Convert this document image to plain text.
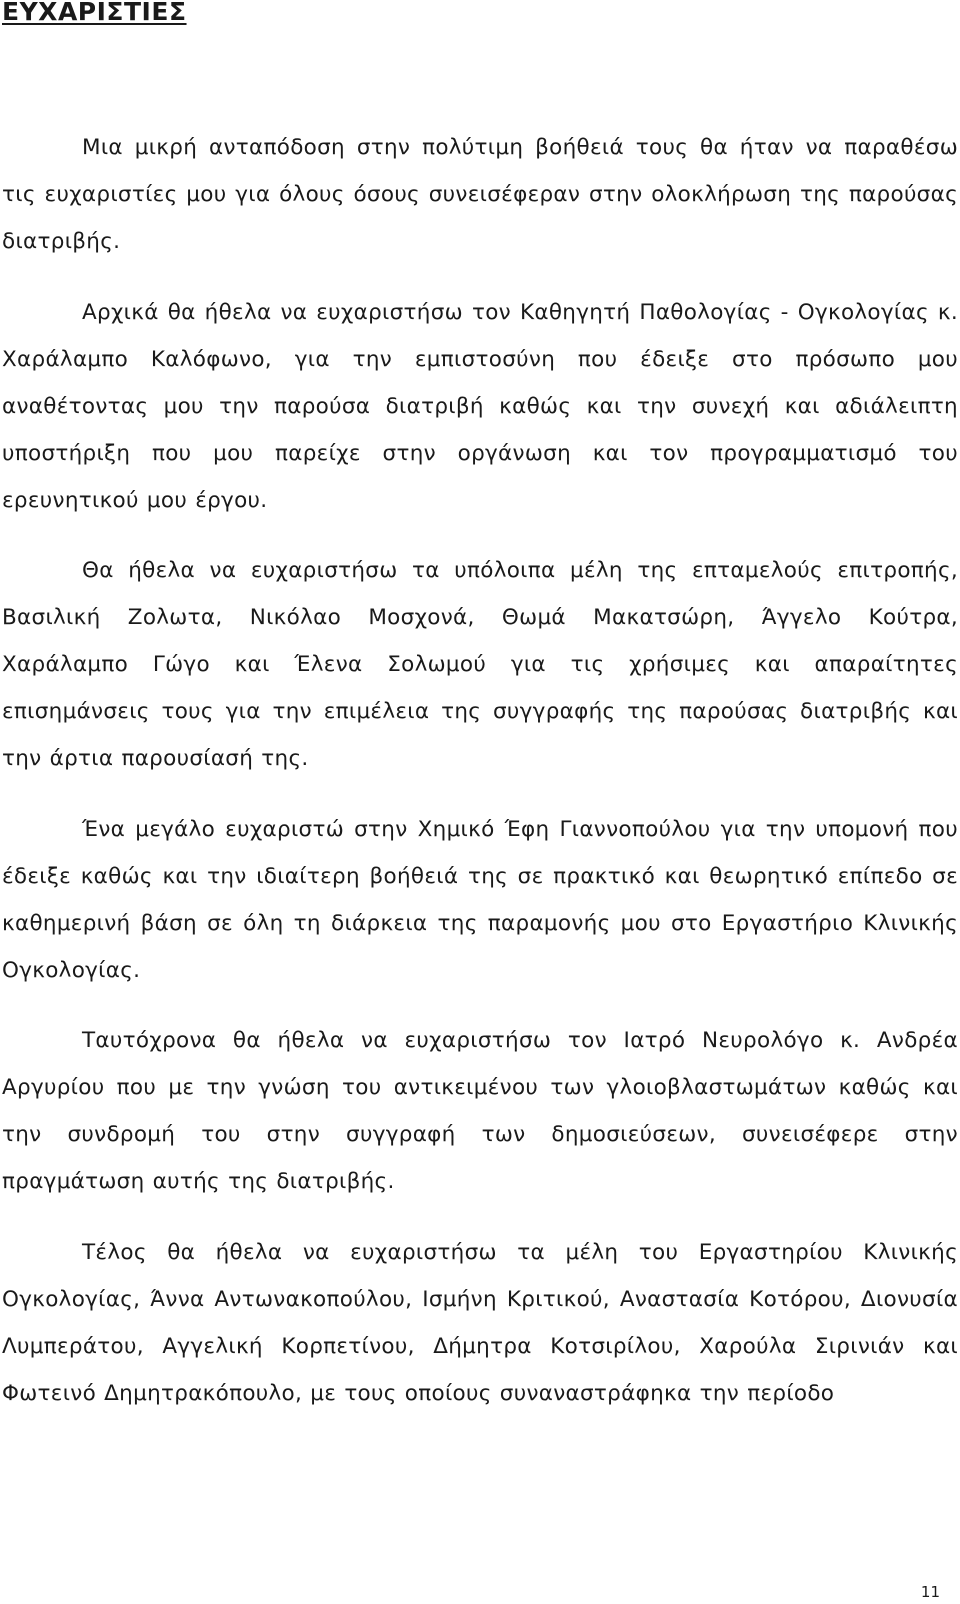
ΕΥΧΑΡΙΣΤΙΕΣ

Μια μικρή ανταπόδοση στην πολύτιμη βοήθειά τους θα ήταν να παραθέσω τις ευχαριστίες μου για όλους όσους συνεισέφεραν στην ολοκλήρωση της παρούσας διατριβής.

Αρχικά θα ήθελα να ευχαριστήσω τον Καθηγητή Παθολογίας - Ογκολογίας κ. Χαράλαμπο Καλόφωνο, για την εμπιστοσύνη που έδειξε στο πρόσωπο μου αναθέτοντας μου την παρούσα διατριβή καθώς και την συνεχή και αδιάλειπτη υποστήριξη που μου παρείχε στην οργάνωση και τον προγραμματισμό του ερευνητικού μου έργου.

Θα ήθελα να ευχαριστήσω τα υπόλοιπα μέλη της επταμελούς επιτροπής, Βασιλική Ζολωτα, Νικόλαο Μοσχονά, Θωμά Μακατσώρη, Άγγελο Κούτρα, Χαράλαμπο Γώγο και Έλενα Σολωμού για τις χρήσιμες και απαραίτητες επισημάνσεις τους για την επιμέλεια της συγγραφής της παρούσας διατριβής και την άρτια παρουσίασή της.

Ένα μεγάλο ευχαριστώ στην Χημικό Έφη Γιαννοπούλου για την υπομονή που έδειξε καθώς και την ιδιαίτερη βοήθειά της σε πρακτικό και θεωρητικό επίπεδο σε καθημερινή βάση σε όλη τη διάρκεια της παραμονής μου στο Εργαστήριο Κλινικής Ογκολογίας.

Ταυτόχρονα θα ήθελα να ευχαριστήσω τον Ιατρό Νευρολόγο κ. Ανδρέα Αργυρίου που με την γνώση του αντικειμένου των γλοιοβλαστωμάτων καθώς και την συνδρομή του στην συγγραφή των δημοσιεύσεων, συνεισέφερε στην πραγμάτωση αυτής της διατριβής.

Τέλος θα ήθελα να ευχαριστήσω τα μέλη του Εργαστηρίου Κλινικής Ογκολογίας, Άννα Αντωνακοπούλου, Ισμήνη Κριτικού, Αναστασία Κοτόρου, Διονυσία Λυμπεράτου, Αγγελική Κορπετίνου, Δήμητρα Κοτσιρίλου, Χαρούλα Σιρινιάν και Φωτεινό Δημητρακόπουλο, με τους οποίους συναναστράφηκα την περίοδο

11
